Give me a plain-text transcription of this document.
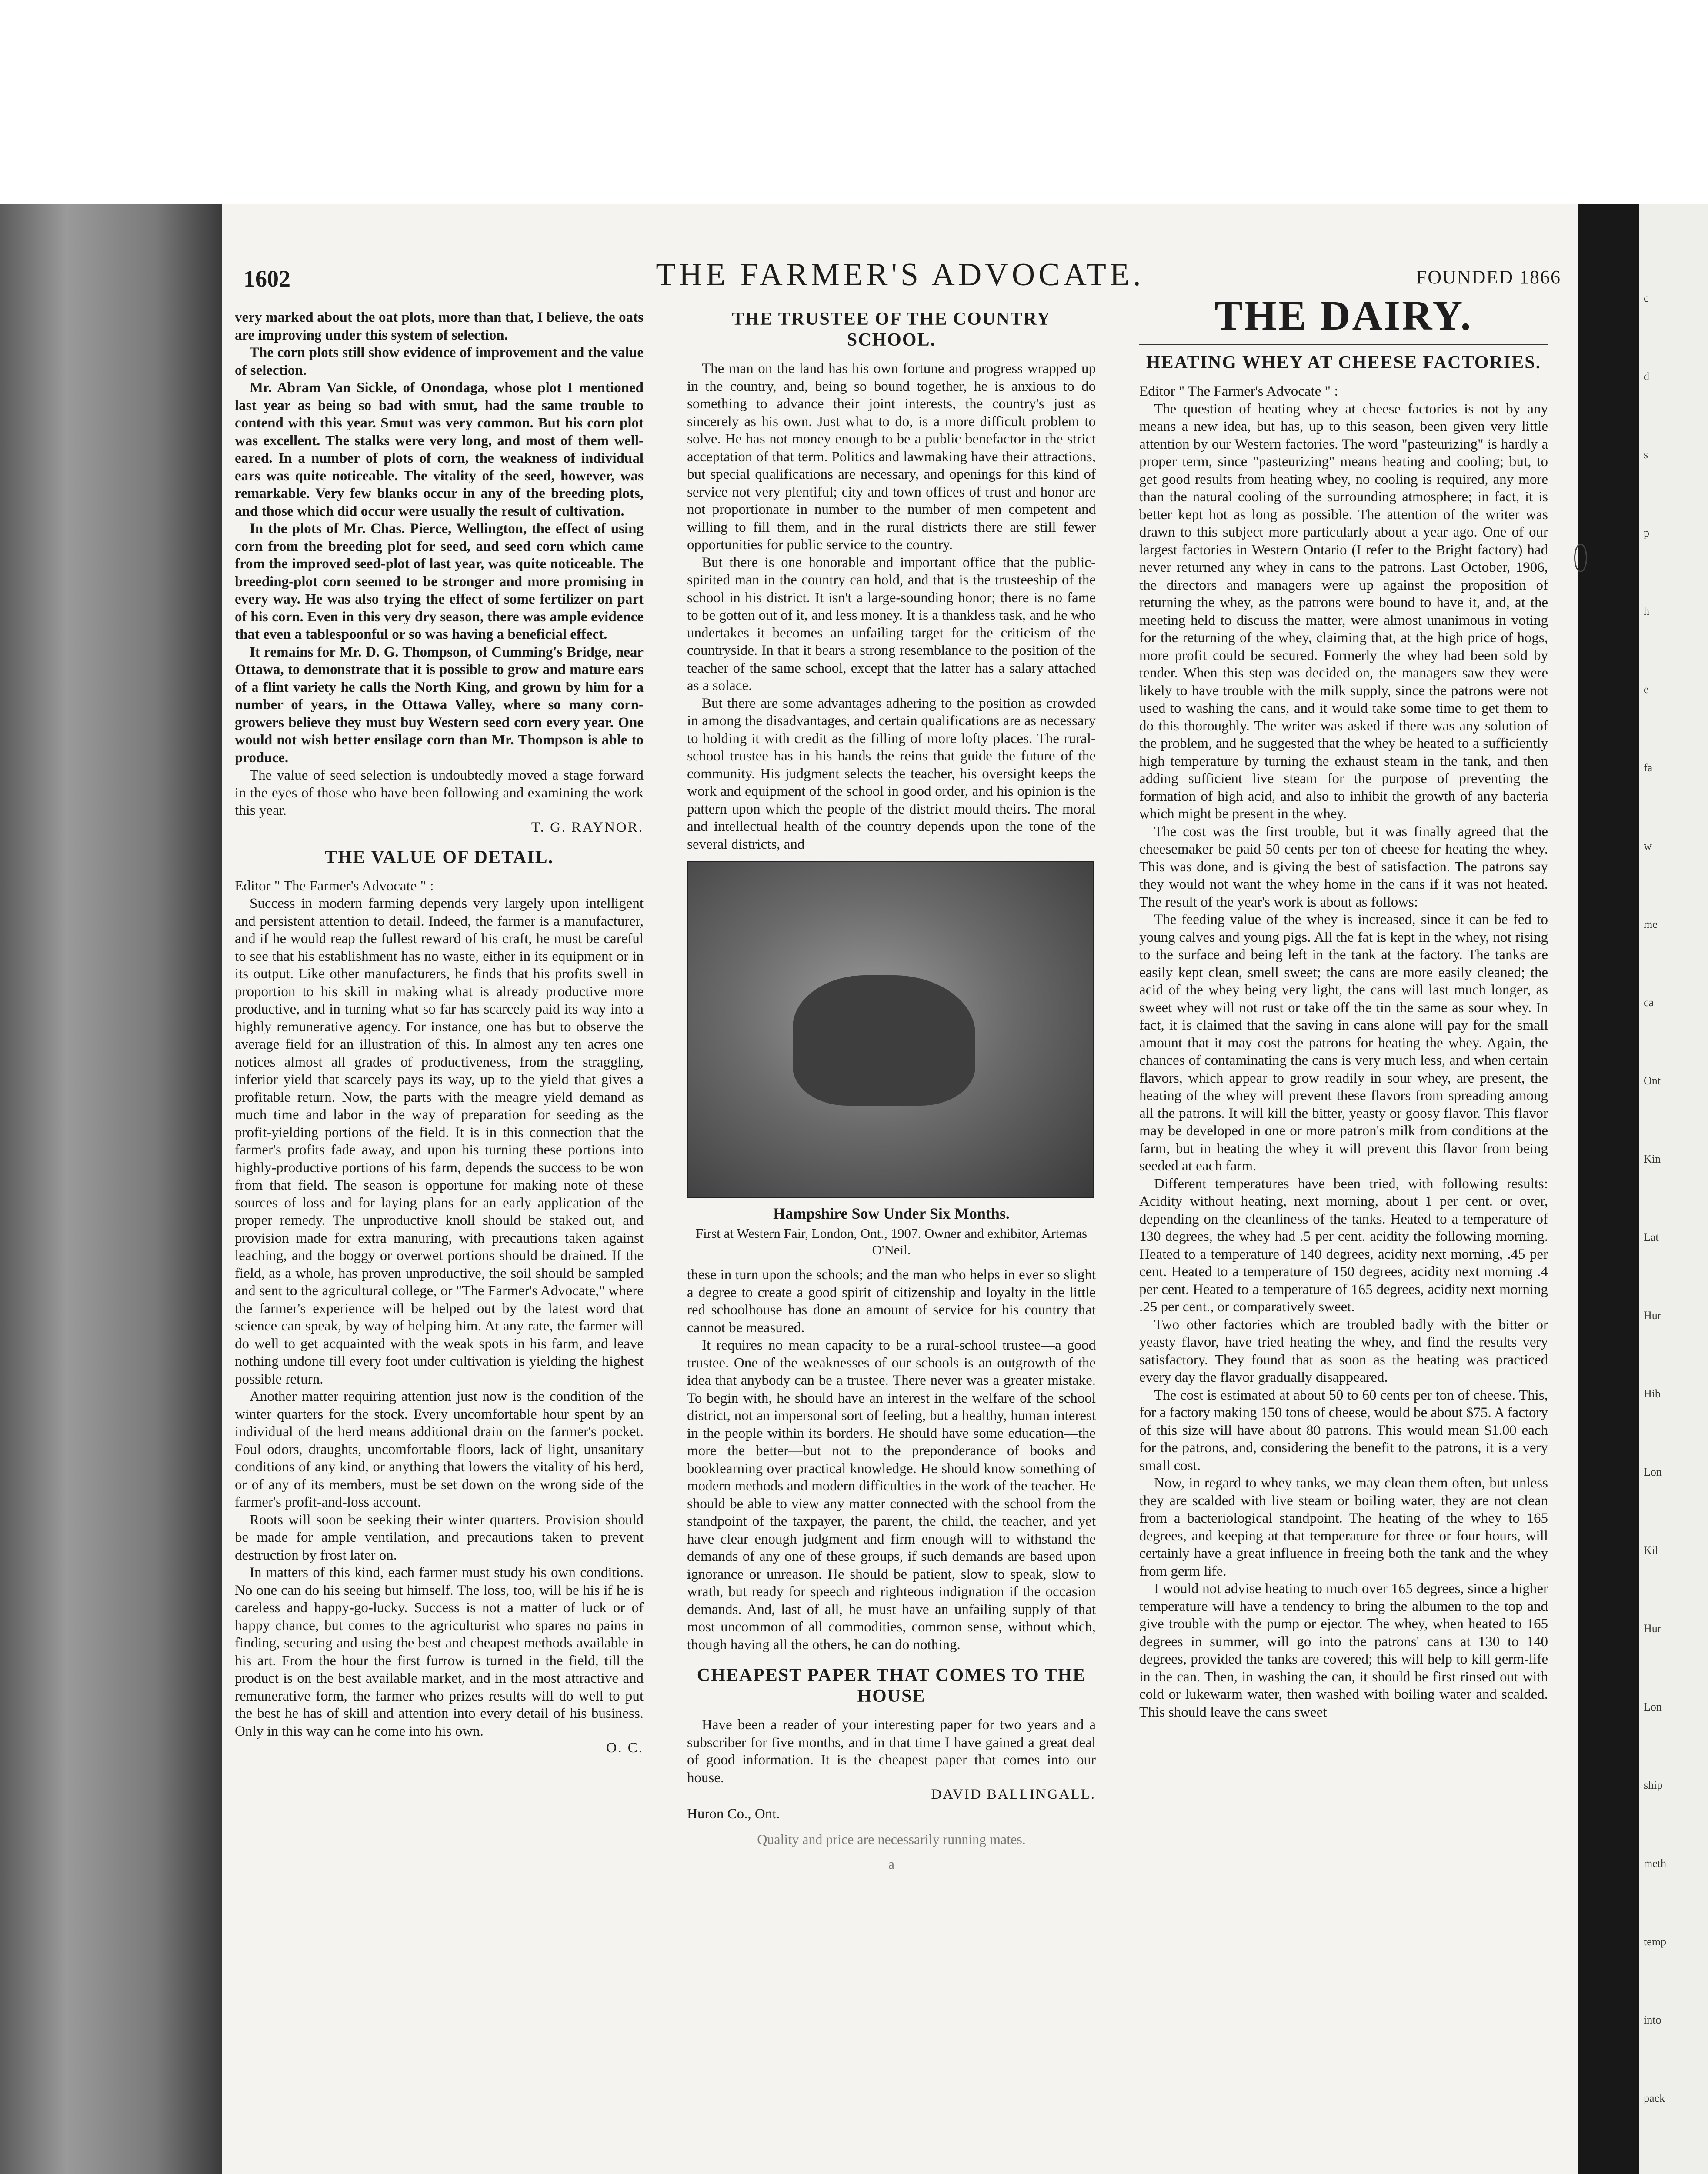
c
d
s
p
h
e
fa
w
me
ca
Ont
Kin
Lat
Hur
Hib
Lon
Kil
Hur
Lon
ship
meth
temp
into
pack
1602	THE FARMER'S ADVOCATE.	FOUNDED 1866

very marked about the oat plots, more than that, I believe, the oats are improving under this system of selection.

The corn plots still show evidence of improvement and the value of selection.

Mr. Abram Van Sickle, of Onondaga, whose plot I mentioned last year as being so bad with smut, had the same trouble to contend with this year. Smut was very common. But his corn plot was excellent. The stalks were very long, and most of them well-eared. In a number of plots of corn, the weakness of individual ears was quite noticeable. The vitality of the seed, however, was remarkable. Very few blanks occur in any of the breeding plots, and those which did occur were usually the result of cultivation.

In the plots of Mr. Chas. Pierce, Wellington, the effect of using corn from the breeding plot for seed, and seed corn which came from the improved seed-plot of last year, was quite noticeable. The breeding-plot corn seemed to be stronger and more promising in every way. He was also trying the effect of some fertilizer on part of his corn. Even in this very dry season, there was ample evidence that even a tablespoonful or so was having a beneficial effect.

It remains for Mr. D. G. Thompson, of Cumming's Bridge, near Ottawa, to demonstrate that it is possible to grow and mature ears of a flint variety he calls the North King, and grown by him for a number of years, in the Ottawa Valley, where so many corn-growers believe they must buy Western seed corn every year. One would not wish better ensilage corn than Mr. Thompson is able to produce.

The value of seed selection is undoubtedly moved a stage forward in the eyes of those who have been following and examining the work this year.

T. G. RAYNOR.
THE VALUE OF DETAIL.

Editor " The Farmer's Advocate " :

Success in modern farming depends very largely upon intelligent and persistent attention to detail. Indeed, the farmer is a manufacturer, and if he would reap the fullest reward of his craft, he must be careful to see that his establishment has no waste, either in its equipment or in its output. Like other manufacturers, he finds that his profits swell in proportion to his skill in making what is already productive more productive, and in turning what so far has scarcely paid its way into a highly remunerative agency. For instance, one has but to observe the average field for an illustration of this. In almost any ten acres one notices almost all grades of productiveness, from the straggling, inferior yield that scarcely pays its way, up to the yield that gives a profitable return. Now, the parts with the meagre yield demand as much time and labor in the way of preparation for seeding as the profit-yielding portions of the field. It is in this connection that the farmer's profits fade away, and upon his turning these portions into highly-productive portions of his farm, depends the success to be won from that field. The season is opportune for making note of these sources of loss and for laying plans for an early application of the proper remedy. The unproductive knoll should be staked out, and provision made for extra manuring, with precautions taken against leaching, and the boggy or overwet portions should be drained. If the field, as a whole, has proven unproductive, the soil should be sampled and sent to the agricultural college, or "The Farmer's Advocate," where the farmer's experience will be helped out by the latest word that science can speak, by way of helping him. At any rate, the farmer will do well to get acquainted with the weak spots in his farm, and leave nothing undone till every foot under cultivation is yielding the highest possible return.

Another matter requiring attention just now is the condition of the winter quarters for the stock. Every uncomfortable hour spent by an individual of the herd means additional drain on the farmer's pocket. Foul odors, draughts, uncomfortable floors, lack of light, unsanitary conditions of any kind, or anything that lowers the vitality of his herd, or of any of its members, must be set down on the wrong side of the farmer's profit-and-loss account.

Roots will soon be seeking their winter quarters. Provision should be made for ample ventilation, and precautions taken to prevent destruction by frost later on.

In matters of this kind, each farmer must study his own conditions. No one can do his seeing but himself. The loss, too, will be his if he is careless and happy-go-lucky. Success is not a matter of luck or of happy chance, but comes to the agriculturist who spares no pains in finding, securing and using the best and cheapest methods available in his art. From the hour the first furrow is turned in the field, till the product is on the best available market, and in the most attractive and remunerative form, the farmer who prizes results will do well to put the best he has of skill and attention into every detail of his business. Only in this way can he come into his own.

O. C.
THE TRUSTEE OF THE COUNTRY SCHOOL.

The man on the land has his own fortune and progress wrapped up in the country, and, being so bound together, he is anxious to do something to advance their joint interests, the country's just as sincerely as his own. Just what to do, is a more difficult problem to solve. He has not money enough to be a public benefactor in the strict acceptation of that term. Politics and lawmaking have their attractions, but special qualifications are necessary, and openings for this kind of service not very plentiful; city and town offices of trust and honor are not proportionate in number to the number of men competent and willing to fill them, and in the rural districts there are still fewer opportunities for public service to the country.

But there is one honorable and important office that the public-spirited man in the country can hold, and that is the trusteeship of the school in his district. It isn't a large-sounding honor; there is no fame to be gotten out of it, and less money. It is a thankless task, and he who undertakes it becomes an unfailing target for the criticism of the countryside. In that it bears a strong resemblance to the position of the teacher of the same school, except that the latter has a salary attached as a solace.

But there are some advantages adhering to the position as crowded in among the disadvantages, and certain qualifications are as necessary to holding it with credit as the filling of more lofty places. The rural-school trustee has in his hands the reins that guide the future of the community. His judgment selects the teacher, his oversight keeps the work and equipment of the school in good order, and his opinion is the pattern upon which the people of the district mould theirs. The moral and intellectual health of the country depends upon the tone of the several districts, and

Hampshire Sow Under Six Months.
First at Western Fair, London, Ont., 1907. Owner and exhibitor, Artemas O'Neil.

these in turn upon the schools; and the man who helps in ever so slight a degree to create a good spirit of citizenship and loyalty in the little red schoolhouse has done an amount of service for his country that cannot be measured.

It requires no mean capacity to be a rural-school trustee—a good trustee. One of the weaknesses of our schools is an outgrowth of the idea that anybody can be a trustee. There never was a greater mistake. To begin with, he should have an interest in the welfare of the school district, not an impersonal sort of feeling, but a healthy, human interest in the people within its borders. He should have some education—the more the better—but not to the preponderance of books and booklearning over practical knowledge. He should know something of modern methods and modern difficulties in the work of the teacher. He should be able to view any matter connected with the school from the standpoint of the taxpayer, the parent, the child, the teacher, and yet have clear enough judgment and firm enough will to withstand the demands of any one of these groups, if such demands are based upon ignorance or unreason. He should be patient, slow to speak, slow to wrath, but ready for speech and righteous indignation if the occasion demands. And, last of all, he must have an unfailing supply of that most uncommon of all commodities, common sense, without which, though having all the others, he can do nothing.

CHEAPEST PAPER THAT COMES TO THE HOUSE

Have been a reader of your interesting paper for two years and a subscriber for five months, and in that time I have gained a great deal of good information. It is the cheapest paper that comes into our house.

DAVID BALLINGALL.
Huron Co., Ont.
Quality and price are necessarily running mates.
a
THE DAIRY.
HEATING WHEY AT CHEESE FACTORIES.

Editor " The Farmer's Advocate " :

The question of heating whey at cheese factories is not by any means a new idea, but has, up to this season, been given very little attention by our Western factories. The word "pasteurizing" is hardly a proper term, since "pasteurizing" means heating and cooling; but, to get good results from heating whey, no cooling is required, any more than the natural cooling of the surrounding atmosphere; in fact, it is better kept hot as long as possible. The attention of the writer was drawn to this subject more particularly about a year ago. One of our largest factories in Western Ontario (I refer to the Bright factory) had never returned any whey in cans to the patrons. Last October, 1906, the directors and managers were up against the proposition of returning the whey, as the patrons were bound to have it, and, at the meeting held to discuss the matter, were almost unanimous in voting for the returning of the whey, claiming that, at the high price of hogs, more profit could be secured. Formerly the whey had been sold by tender. When this step was decided on, the managers saw they were likely to have trouble with the milk supply, since the patrons were not used to washing the cans, and it would take some time to get them to do this thoroughly. The writer was asked if there was any solution of the problem, and he suggested that the whey be heated to a sufficiently high temperature by turning the exhaust steam in the tank, and then adding sufficient live steam for the purpose of preventing the formation of high acid, and also to inhibit the growth of any bacteria which might be present in the whey.

The cost was the first trouble, but it was finally agreed that the cheesemaker be paid 50 cents per ton of cheese for heating the whey. This was done, and is giving the best of satisfaction. The patrons say they would not want the whey home in the cans if it was not heated. The result of the year's work is about as follows:

The feeding value of the whey is increased, since it can be fed to young calves and young pigs. All the fat is kept in the whey, not rising to the surface and being left in the tank at the factory. The tanks are easily kept clean, smell sweet; the cans are more easily cleaned; the acid of the whey being very light, the cans will last much longer, as sweet whey will not rust or take off the tin the same as sour whey. In fact, it is claimed that the saving in cans alone will pay for the small amount that it may cost the patrons for heating the whey. Again, the chances of contaminating the cans is very much less, and when certain flavors, which appear to grow readily in sour whey, are present, the heating of the whey will prevent these flavors from spreading among all the patrons. It will kill the bitter, yeasty or goosy flavor. This flavor may be developed in one or more patron's milk from conditions at the farm, but in heating the whey it will prevent this flavor from being seeded at each farm.

Different temperatures have been tried, with following results: Acidity without heating, next morning, about 1 per cent. or over, depending on the cleanliness of the tanks. Heated to a temperature of 130 degrees, the whey had .5 per cent. acidity the following morning. Heated to a temperature of 140 degrees, acidity next morning, .45 per cent. Heated to a temperature of 150 degrees, acidity next morning .4 per cent. Heated to a temperature of 165 degrees, acidity next morning .25 per cent., or comparatively sweet.

Two other factories which are troubled badly with the bitter or yeasty flavor, have tried heating the whey, and find the results very satisfactory. They found that as soon as the heating was practiced every day the flavor gradually disappeared.

The cost is estimated at about 50 to 60 cents per ton of cheese. This, for a factory making 150 tons of cheese, would be about $75. A factory of this size will have about 80 patrons. This would mean $1.00 each for the patrons, and, considering the benefit to the patrons, it is a very small cost.

Now, in regard to whey tanks, we may clean them often, but unless they are scalded with live steam or boiling water, they are not clean from a bacteriological standpoint. The heating of the whey to 165 degrees, and keeping at that temperature for three or four hours, will certainly have a great influence in freeing both the tank and the whey from germ life.

I would not advise heating to much over 165 degrees, since a higher temperature will have a tendency to bring the albumen to the top and give trouble with the pump or ejector. The whey, when heated to 165 degrees in summer, will go into the patrons' cans at 130 to 140 degrees, provided the tanks are covered; this will help to kill germ-life in the can. Then, in washing the can, it should be first rinsed out with cold or lukewarm water, then washed with boiling water and scalded. This should leave the cans sweet
